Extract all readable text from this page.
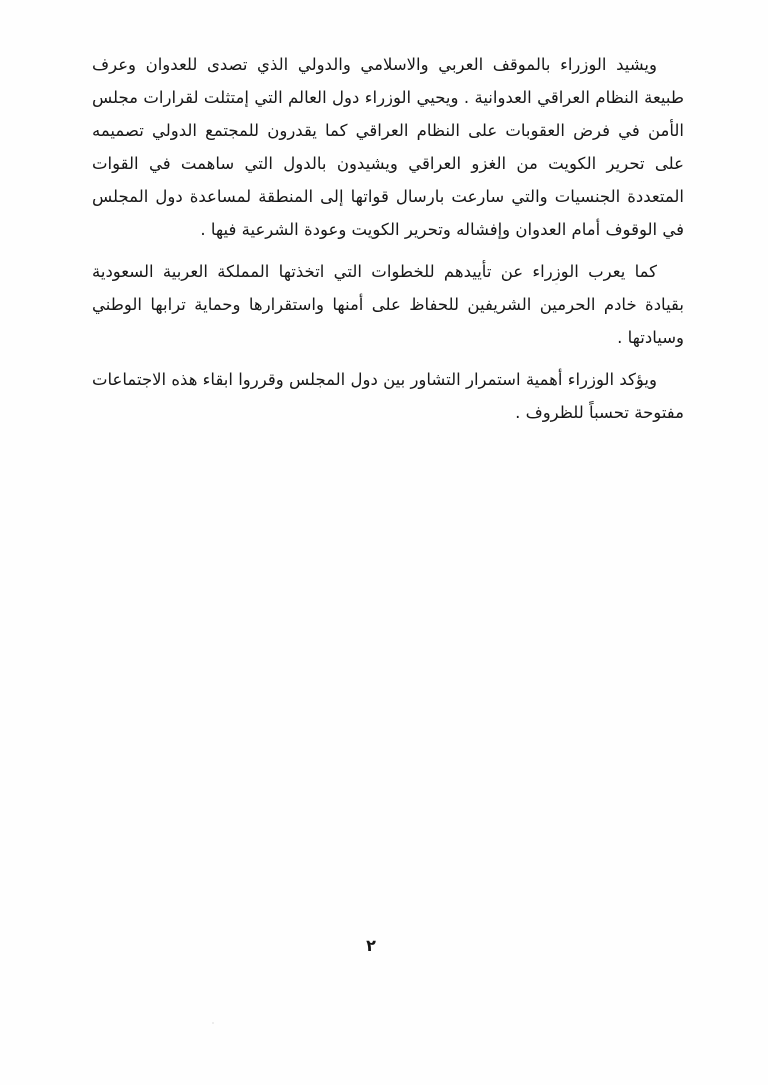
ويشيد الوزراء بالموقف العربي والاسلامي والدولي الذي تصدى للعدوان وعرف طبيعة النظام العراقي العدوانية . ويحيي الوزراء دول العالم التي إمتثلت لقرارات مجلس الأمن في فرض العقوبات على النظام العراقي كما يقدرون للمجتمع الدولي تصميمه على تحرير الكويت من الغزو العراقي ويشيدون بالدول التي ساهمت في القوات المتعددة الجنسيات والتي سارعت بارسال قواتها إلى المنطقة لمساعدة دول المجلس في الوقوف أمام العدوان وإفشاله وتحرير الكويت وعودة الشرعية فيها .

كما يعرب الوزراء عن تأييدهم للخطوات التي اتخذتها المملكة العربية السعودية بقيادة خادم الحرمين الشريفين للحفاظ على أمنها واستقرارها وحماية ترابها الوطني وسيادتها .

ويؤكد الوزراء أهمية استمرار التشاور بين دول المجلس وقرروا ابقاء هذه الاجتماعات مفتوحة تحسباً للظروف .

٢
